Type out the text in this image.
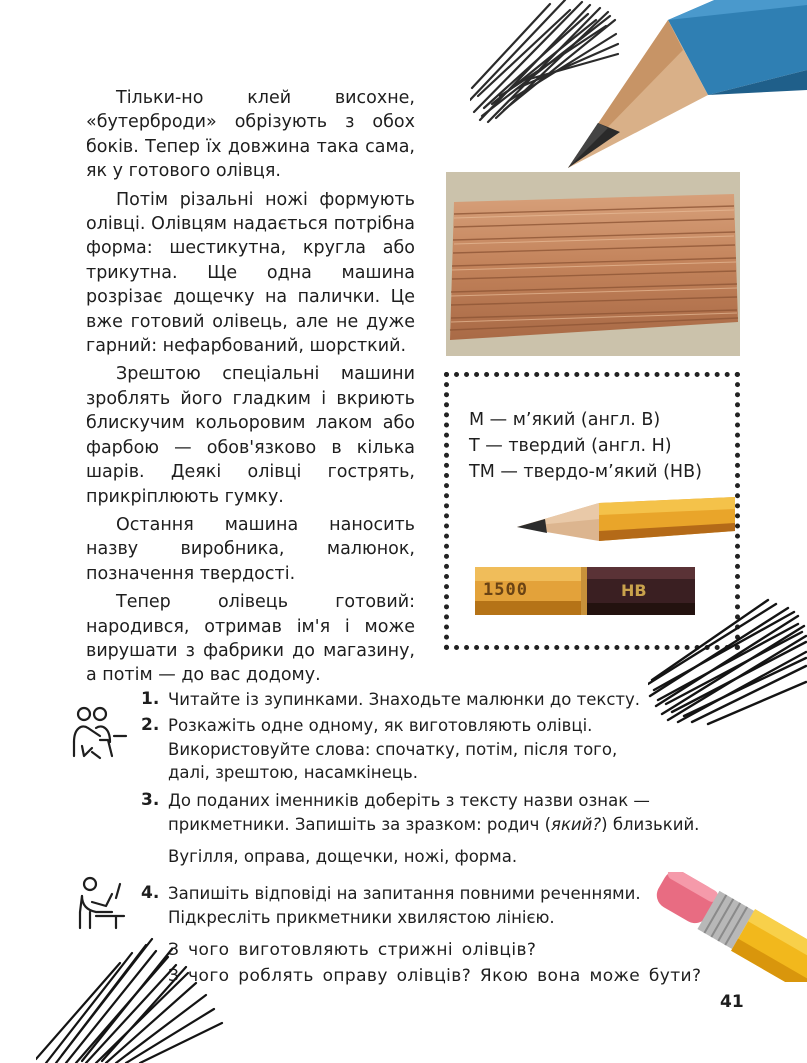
Тільки-но клей висохне, «бутерброди» обрізують з обох боків. Тепер їх довжина така сама, як у готового олівця.

Потім різальні ножі формують олівці. Олівцям надається потрібна форма: шестикутна, кругла або трикутна. Ще одна машина розрізає дощечку на палички. Це вже готовий олівець, але не дуже гарний: нефарбований, шорсткий.

Зрештою спеціальні машини зроблять його гладким і вкриють блискучим кольоровим лаком або фарбою — обов'язково в кілька шарів. Деякі олівці гострять, прикріплюють гумку.

Остання машина наносить назву виробника, малюнок, позначення твердості.

Тепер олівець готовий: народився, отримав ім'я і може вирушати з фабрики до магазину, а потім — до вас додому.

М — м’який (англ. B)
Т — твердий (англ. H)
ТМ — твердо-м’який (HB)
1500	HB
1. Читайте із зупинками. Знаходьте малюнки до тексту.
2. Розкажіть одне одному, як виготовляють олівці.
Використовуйте слова: спочатку, потім, після того,
далі, зрештою, насамкінець.
3. До поданих іменників доберіть з тексту назви ознак —
прикметники. Запишіть за зразком: родич (який?) близький.
Вугілля, оправа, дощечки, ножі, форма.
4. Запишіть відповіді на запитання повними реченнями.
Підкресліть прикметники хвилястою лінією.
З чого виготовляють стрижні олівців?
З чого роблять оправу олівців? Якою вона може бути?
41
